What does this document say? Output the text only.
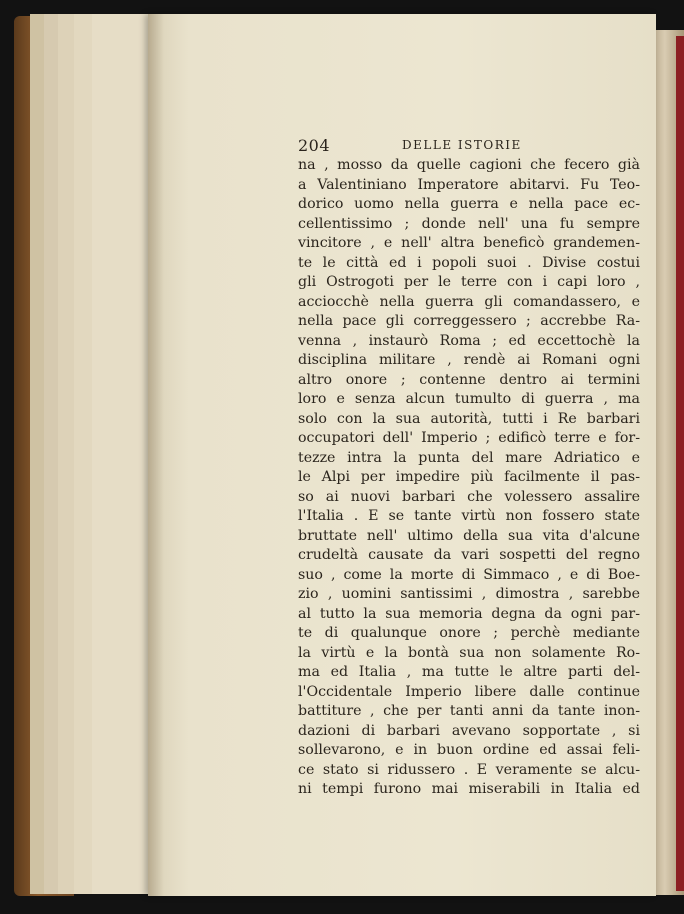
204	DELLE ISTORIE
na , mosso da quelle cagioni che fecero già
a Valentiniano Imperatore abitarvi. Fu Teo-
dorico uomo nella guerra e nella pace ec-
cellentissimo ; donde nell' una fu sempre
vincitore , e nell' altra beneficò grandemen-
te le città ed i popoli suoi . Divise costui
gli Ostrogoti per le terre con i capi loro ,
acciocchè nella guerra gli comandassero, e
nella pace gli correggessero ; accrebbe Ra-
venna , instaurò Roma ; ed eccettochè la
disciplina militare , rendè ai Romani ogni
altro onore ; contenne dentro ai termini
loro e senza alcun tumulto di guerra , ma
solo con la sua autorità, tutti i Re barbari
occupatori dell' Imperio ; edificò terre e for-
tezze intra la punta del mare Adriatico e
le Alpi per impedire più facilmente il pas-
so ai nuovi barbari che volessero assalire
l'Italia . E se tante virtù non fossero state
bruttate nell' ultimo della sua vita d'alcune
crudeltà causate da vari sospetti del regno
suo , come la morte di Simmaco , e di Boe-
zio , uomini santissimi , dimostra , sarebbe
al tutto la sua memoria degna da ogni par-
te di qualunque onore ; perchè mediante
la virtù e la bontà sua non solamente Ro-
ma ed Italia , ma tutte le altre parti del-
l'Occidentale Imperio libere dalle continue
battiture , che per tanti anni da tante inon-
dazioni di barbari avevano sopportate , si
sollevarono, e in buon ordine ed assai feli-
ce stato si ridussero . E veramente se alcu-
ni tempi furono mai miserabili in Italia ed
